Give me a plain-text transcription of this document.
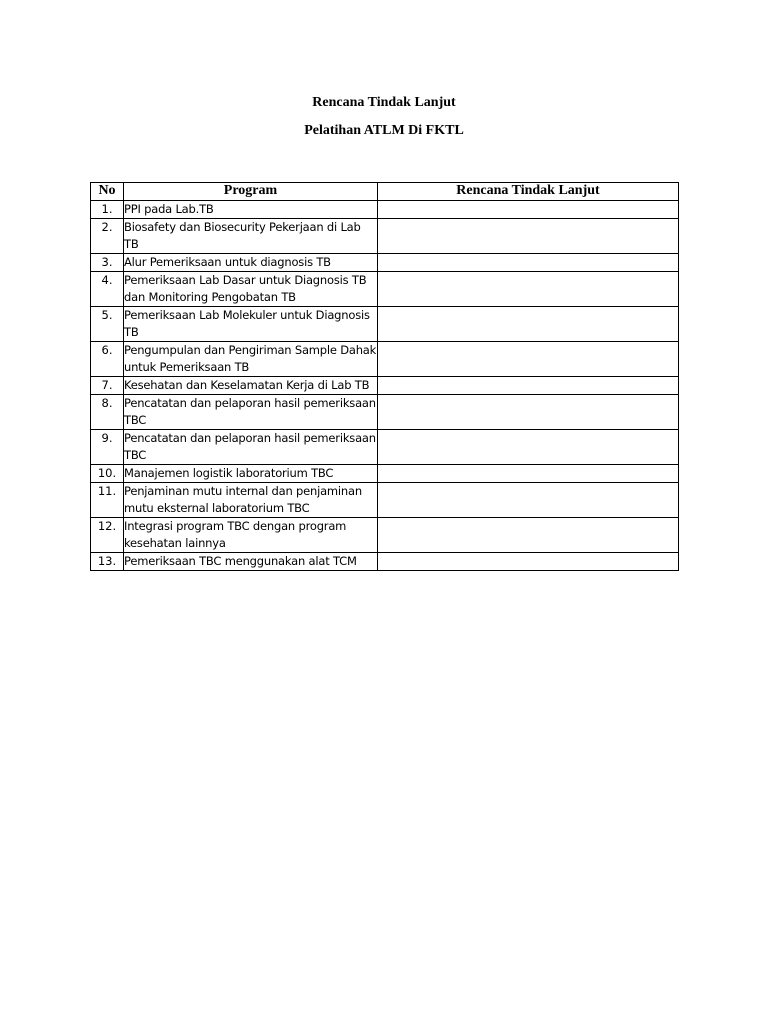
Rencana Tindak Lanjut

Pelatihan ATLM Di FKTL

No	Program	Rencana Tindak Lanjut
1.	PPI pada Lab.TB	
2.	Biosafety dan Biosecurity Pekerjaan di Lab TB	
3.	Alur Pemeriksaan untuk diagnosis TB	
4.	Pemeriksaan Lab Dasar untuk Diagnosis TB dan Monitoring Pengobatan TB	
5.	Pemeriksaan Lab Molekuler untuk Diagnosis TB	
6.	Pengumpulan dan Pengiriman Sample Dahak untuk Pemeriksaan TB	
7.	Kesehatan dan Keselamatan Kerja di Lab TB	
8.	Pencatatan dan pelaporan hasil pemeriksaan TBC	
9.	Pencatatan dan pelaporan hasil pemeriksaan TBC	
10.	Manajemen logistik laboratorium TBC	
11.	Penjaminan mutu internal dan penjaminan mutu eksternal laboratorium TBC	
12.	Integrasi program TBC dengan program kesehatan lainnya	
13.	Pemeriksaan TBC menggunakan alat TCM	
